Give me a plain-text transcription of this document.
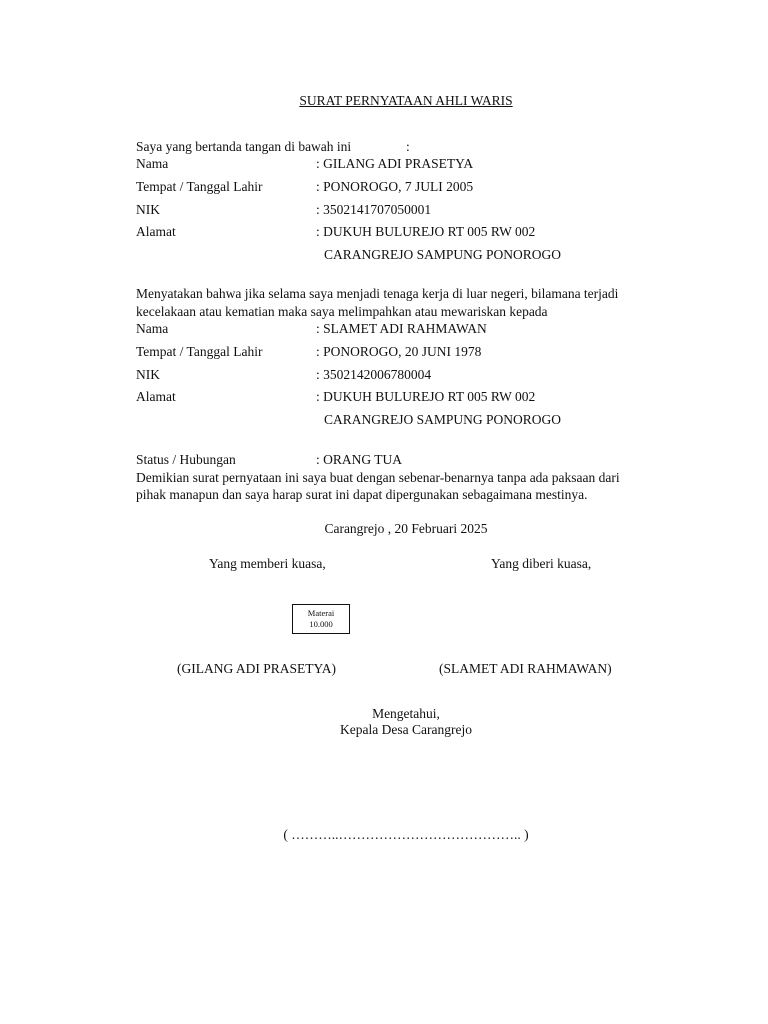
SURAT PERNYATAAN AHLI WARIS
Saya yang bertanda tangan di bawah ini	:
Nama	: GILANG ADI PRASETYA
Tempat / Tanggal Lahir	: PONOROGO, 7 JULI 2005
NIK	: 3502141707050001
Alamat	: DUKUH BULUREJO RT 005 RW 002
CARANGREJO SAMPUNG PONOROGO
Menyatakan bahwa jika selama saya menjadi tenaga kerja di luar negeri, bilamana terjadi
kecelakaan atau kematian maka saya melimpahkan atau mewariskan kepada
Nama	: SLAMET ADI RAHMAWAN
Tempat / Tanggal Lahir	: PONOROGO, 20 JUNI 1978
NIK	: 3502142006780004
Alamat	: DUKUH BULUREJO RT 005 RW 002
CARANGREJO SAMPUNG PONOROGO
Status / Hubungan	: ORANG TUA
Demikian surat pernyataan ini saya buat dengan sebenar-benarnya tanpa ada paksaan dari
pihak manapun dan saya harap surat ini dapat dipergunakan sebagaimana mestinya.
Carangrejo , 20 Februari 2025
Yang memberi kuasa,	Yang diberi kuasa,
Materai
10.000
(GILANG ADI PRASETYA)	(SLAMET ADI RAHMAWAN)
Mengetahui,
Kepala Desa Carangrejo
( ………..………………………………….. )
